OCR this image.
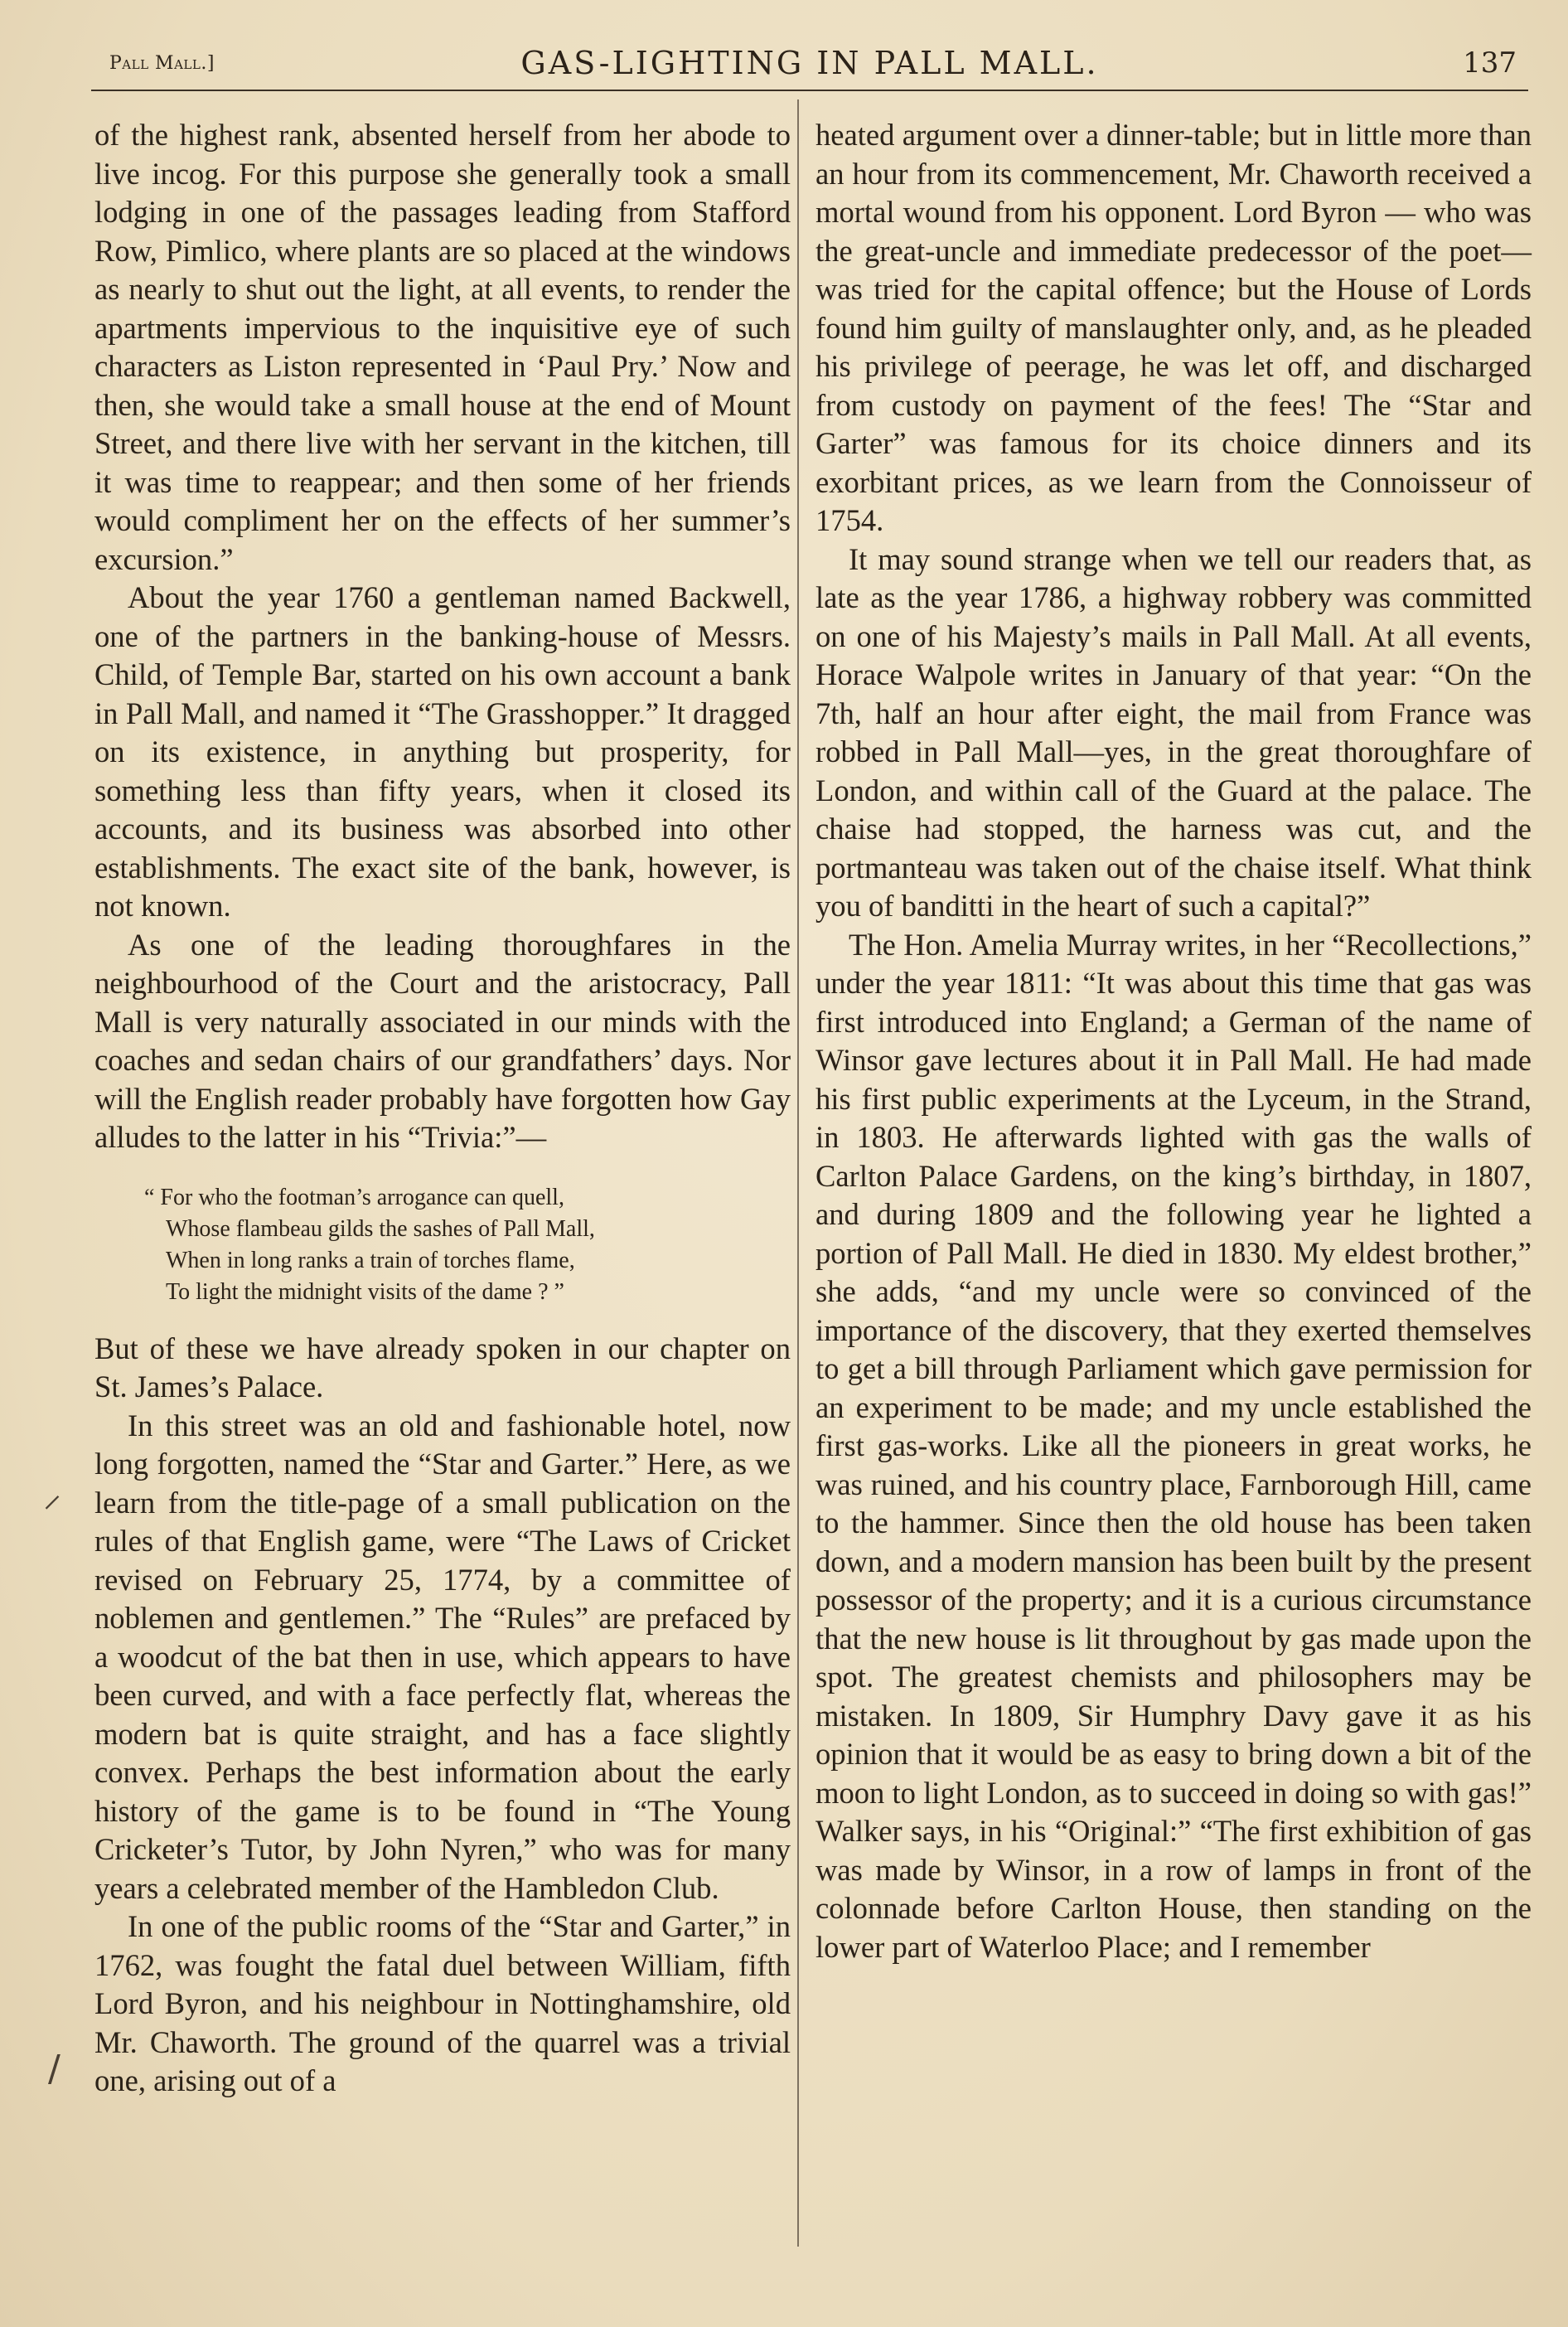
Pall Mall.]	GAS-LIGHTING IN PALL MALL.	137

of the highest rank, absented herself from her abode to live incog. For this purpose she generally took a small lodging in one of the passages leading from Stafford Row, Pimlico, where plants are so placed at the windows as nearly to shut out the light, at all events, to render the apartments impervious to the inquisitive eye of such characters as Liston represented in ‘Paul Pry.’ Now and then, she would take a small house at the end of Mount Street, and there live with her servant in the kitchen, till it was time to reappear; and then some of her friends would compliment her on the effects of her summer’s excursion.”

About the year 1760 a gentleman named Backwell, one of the partners in the banking-house of Messrs. Child, of Temple Bar, started on his own account a bank in Pall Mall, and named it “The Grasshopper.” It dragged on its existence, in anything but prosperity, for something less than fifty years, when it closed its accounts, and its business was absorbed into other establishments. The exact site of the bank, however, is not known.

As one of the leading thoroughfares in the neighbourhood of the Court and the aristocracy, Pall Mall is very naturally associated in our minds with the coaches and sedan chairs of our grandfathers’ days. Nor will the English reader probably have forgotten how Gay alludes to the latter in his “Trivia:”—

“ For who the footman’s arrogance can quell,
Whose flambeau gilds the sashes of Pall Mall,
When in long ranks a train of torches flame,
To light the midnight visits of the dame ? ”

But of these we have already spoken in our chapter on St. James’s Palace.

In this street was an old and fashionable hotel, now long forgotten, named the “Star and Garter.” Here, as we learn from the title-page of a small publication on the rules of that English game, were “The Laws of Cricket revised on February 25, 1774, by a committee of noblemen and gentlemen.” The “Rules” are prefaced by a woodcut of the bat then in use, which appears to have been curved, and with a face perfectly flat, whereas the modern bat is quite straight, and has a face slightly convex. Perhaps the best information about the early history of the game is to be found in “The Young Cricketer’s Tutor, by John Nyren,” who was for many years a celebrated member of the Hambledon Club.

In one of the public rooms of the “Star and Garter,” in 1762, was fought the fatal duel between William, fifth Lord Byron, and his neighbour in Nottinghamshire, old Mr. Chaworth. The ground of the quarrel was a trivial one, arising out of a

heated argument over a dinner-table; but in little more than an hour from its commencement, Mr. Chaworth received a mortal wound from his opponent. Lord Byron — who was the great-uncle and immediate predecessor of the poet—was tried for the capital offence; but the House of Lords found him guilty of manslaughter only, and, as he pleaded his privilege of peerage, he was let off, and discharged from custody on payment of the fees! The “Star and Garter” was famous for its choice dinners and its exorbitant prices, as we learn from the Connoisseur of 1754.

It may sound strange when we tell our readers that, as late as the year 1786, a highway robbery was committed on one of his Majesty’s mails in Pall Mall. At all events, Horace Walpole writes in January of that year: “On the 7th, half an hour after eight, the mail from France was robbed in Pall Mall—yes, in the great thoroughfare of London, and within call of the Guard at the palace. The chaise had stopped, the harness was cut, and the portmanteau was taken out of the chaise itself. What think you of banditti in the heart of such a capital?”

The Hon. Amelia Murray writes, in her “Recollections,” under the year 1811: “It was about this time that gas was first introduced into England; a German of the name of Winsor gave lectures about it in Pall Mall. He had made his first public experiments at the Lyceum, in the Strand, in 1803. He afterwards lighted with gas the walls of Carlton Palace Gardens, on the king’s birthday, in 1807, and during 1809 and the following year he lighted a portion of Pall Mall. He died in 1830. My eldest brother,” she adds, “and my uncle were so convinced of the importance of the discovery, that they exerted themselves to get a bill through Parliament which gave permission for an experiment to be made; and my uncle established the first gas-works. Like all the pioneers in great works, he was ruined, and his country place, Farnborough Hill, came to the hammer. Since then the old house has been taken down, and a modern mansion has been built by the present possessor of the property; and it is a curious circumstance that the new house is lit throughout by gas made upon the spot. The greatest chemists and philosophers may be mistaken. In 1809, Sir Humphry Davy gave it as his opinion that it would be as easy to bring down a bit of the moon to light London, as to succeed in doing so with gas!” Walker says, in his “Original:” “The first exhibition of gas was made by Winsor, in a row of lamps in front of the colonnade before Carlton House, then standing on the lower part of Waterloo Place; and I remember

⸝
/
